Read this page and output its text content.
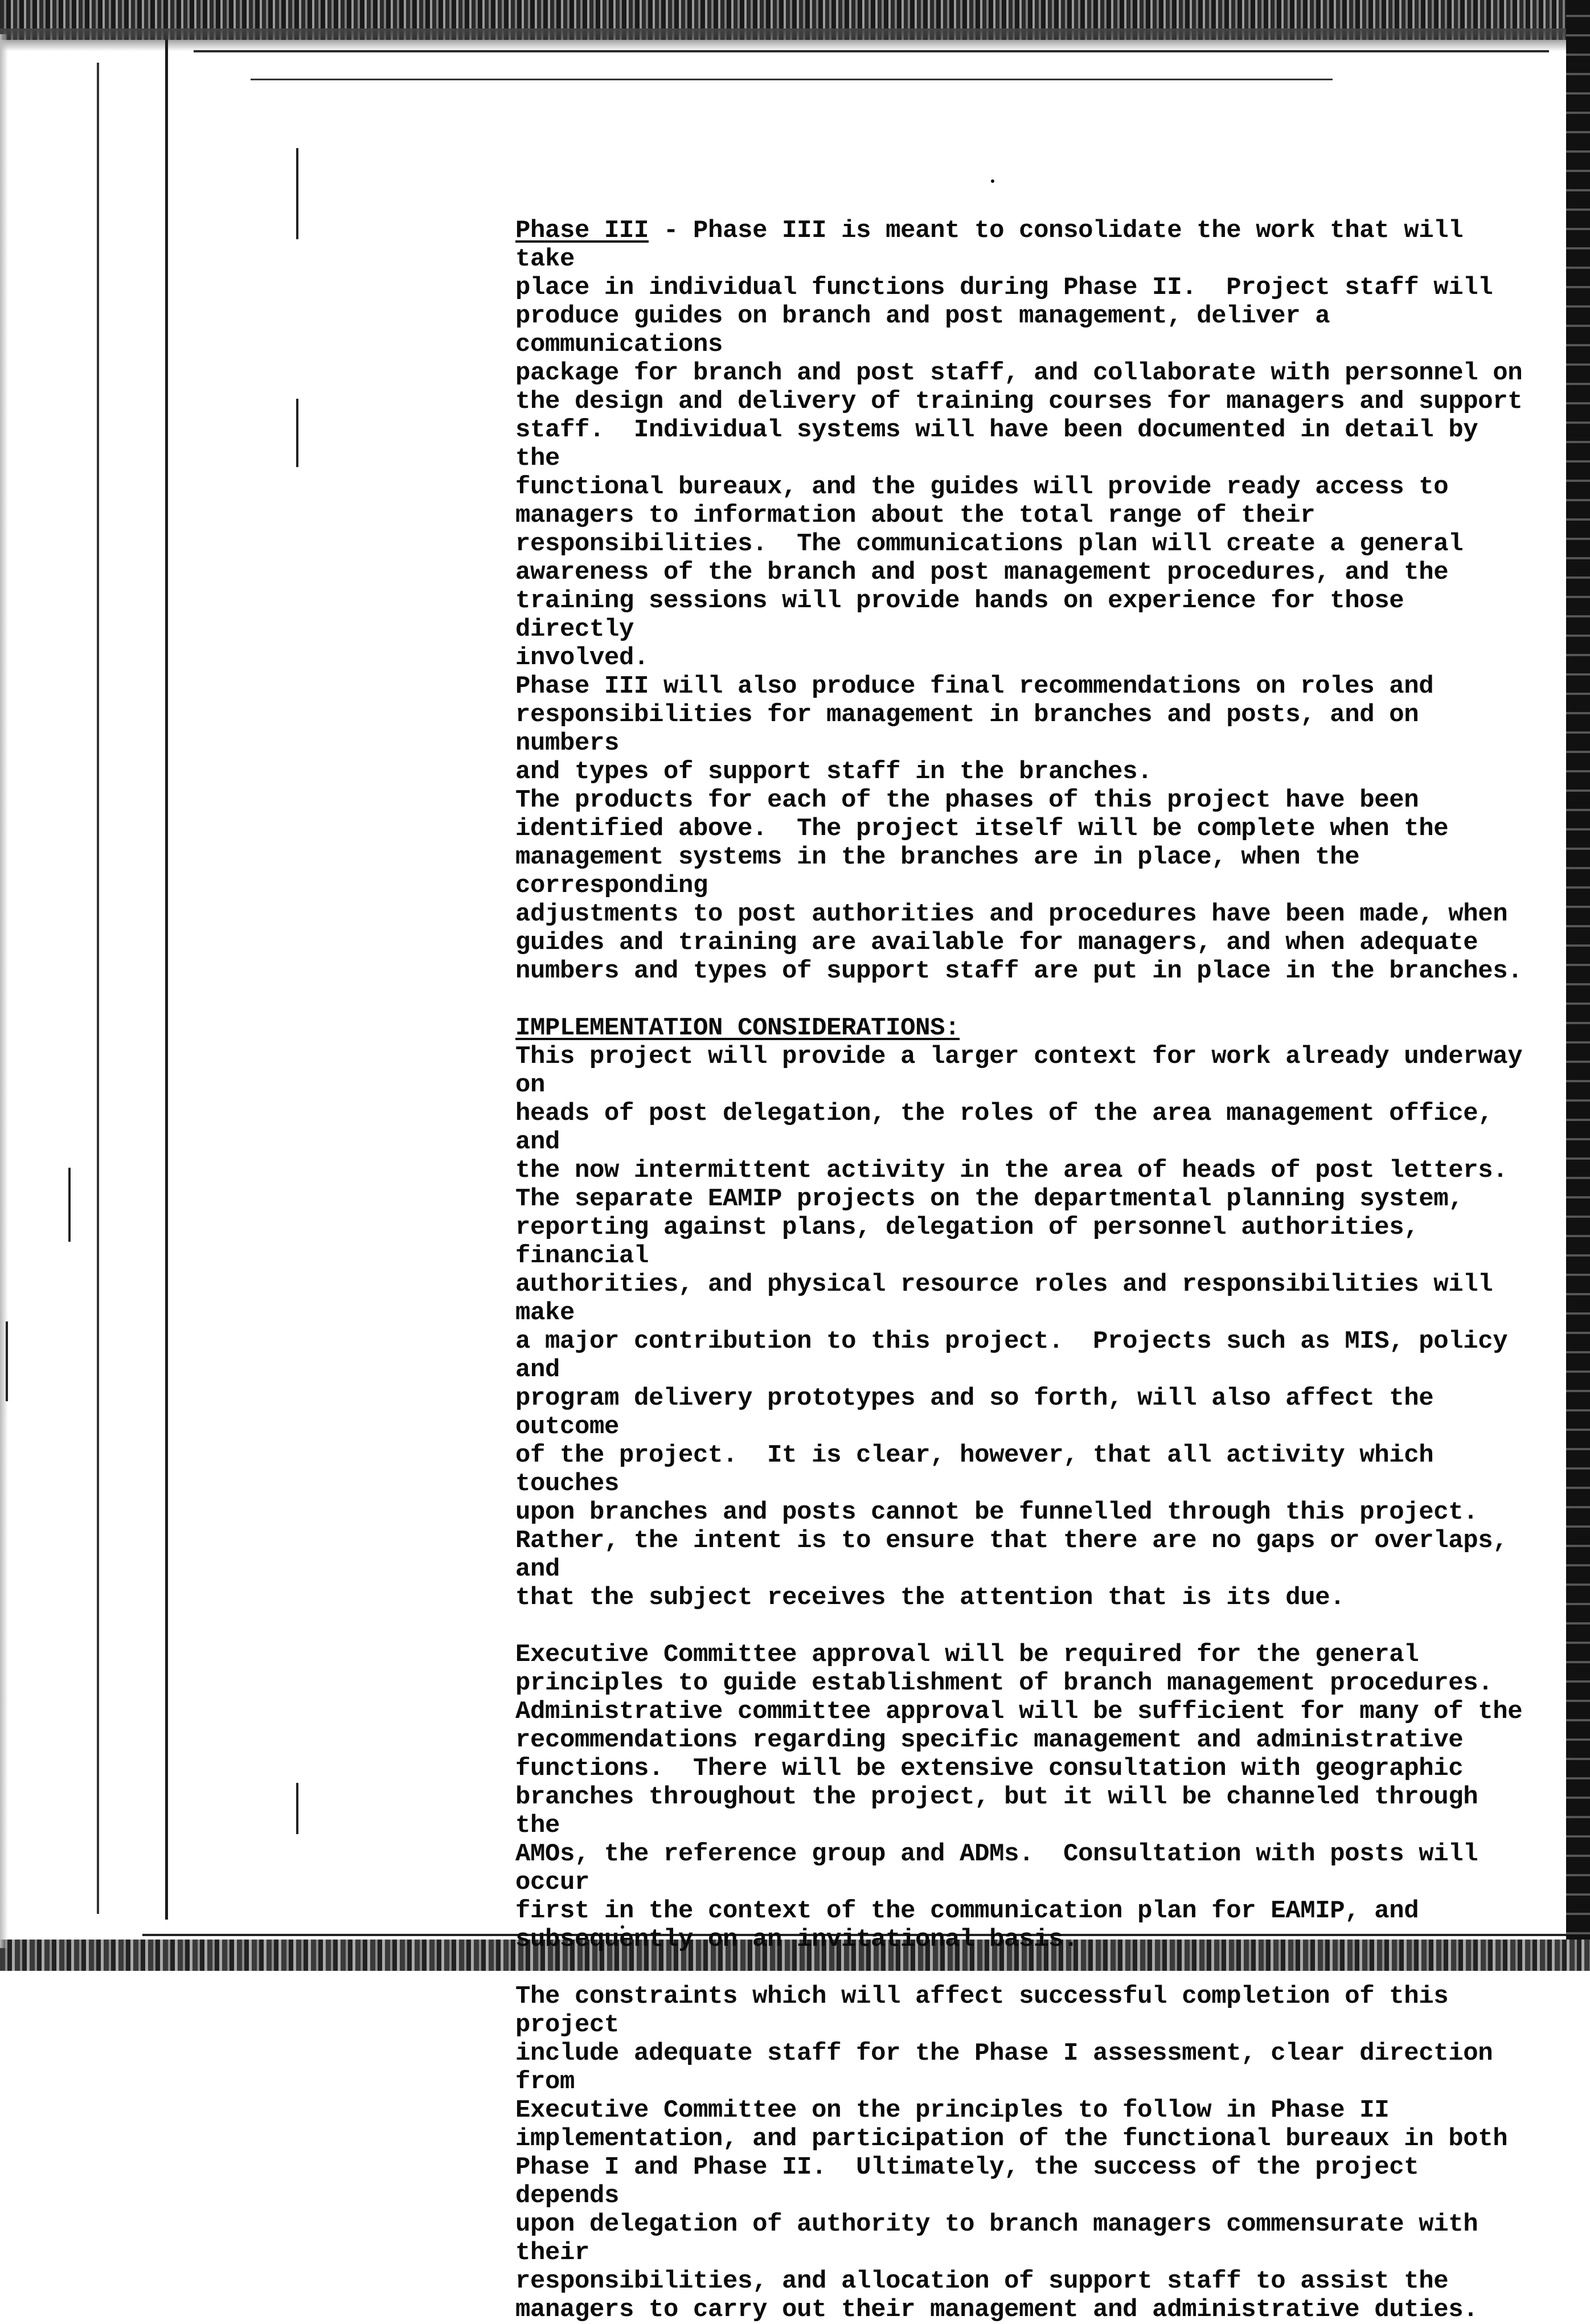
Phase III - Phase III is meant to consolidate the work that will take
place in individual functions during Phase II.  Project staff will
produce guides on branch and post management, deliver a communications
package for branch and post staff, and collaborate with personnel on
the design and delivery of training courses for managers and support
staff.  Individual systems will have been documented in detail by the
functional bureaux, and the guides will provide ready access to
managers to information about the total range of their
responsibilities.  The communications plan will create a general
awareness of the branch and post management procedures, and the
training sessions will provide hands on experience for those directly
involved.
Phase III will also produce final recommendations on roles and
responsibilities for management in branches and posts, and on numbers
and types of support staff in the branches.
The products for each of the phases of this project have been
identified above.  The project itself will be complete when the
management systems in the branches are in place, when the corresponding
adjustments to post authorities and procedures have been made, when
guides and training are available for managers, and when adequate
numbers and types of support staff are put in place in the branches.
IMPLEMENTATION CONSIDERATIONS:
This project will provide a larger context for work already underway on
heads of post delegation, the roles of the area management office, and
the now intermittent activity in the area of heads of post letters.
The separate EAMIP projects on the departmental planning system,
reporting against plans, delegation of personnel authorities, financial
authorities, and physical resource roles and responsibilities will make
a major contribution to this project.  Projects such as MIS, policy and
program delivery prototypes and so forth, will also affect the outcome
of the project.  It is clear, however, that all activity which touches
upon branches and posts cannot be funnelled through this project.
Rather, the intent is to ensure that there are no gaps or overlaps, and
that the subject receives the attention that is its due.
Executive Committee approval will be required for the general
principles to guide establishment of branch management procedures.
Administrative committee approval will be sufficient for many of the
recommendations regarding specific management and administrative
functions.  There will be extensive consultation with geographic
branches throughout the project, but it will be channeled through the
AMOs, the reference group and ADMs.  Consultation with posts will occur
first in the context of the communication plan for EAMIP, and
subsequently on an invitational basis.
The constraints which will affect successful completion of this project
include adequate staff for the Phase I assessment, clear direction from
Executive Committee on the principles to follow in Phase II
implementation, and participation of the functional bureaux in both
Phase I and Phase II.  Ultimately, the success of the project depends
upon delegation of authority to branch managers commensurate with their
responsibilities, and allocation of support staff to assist the
managers to carry out their management and administrative duties.
